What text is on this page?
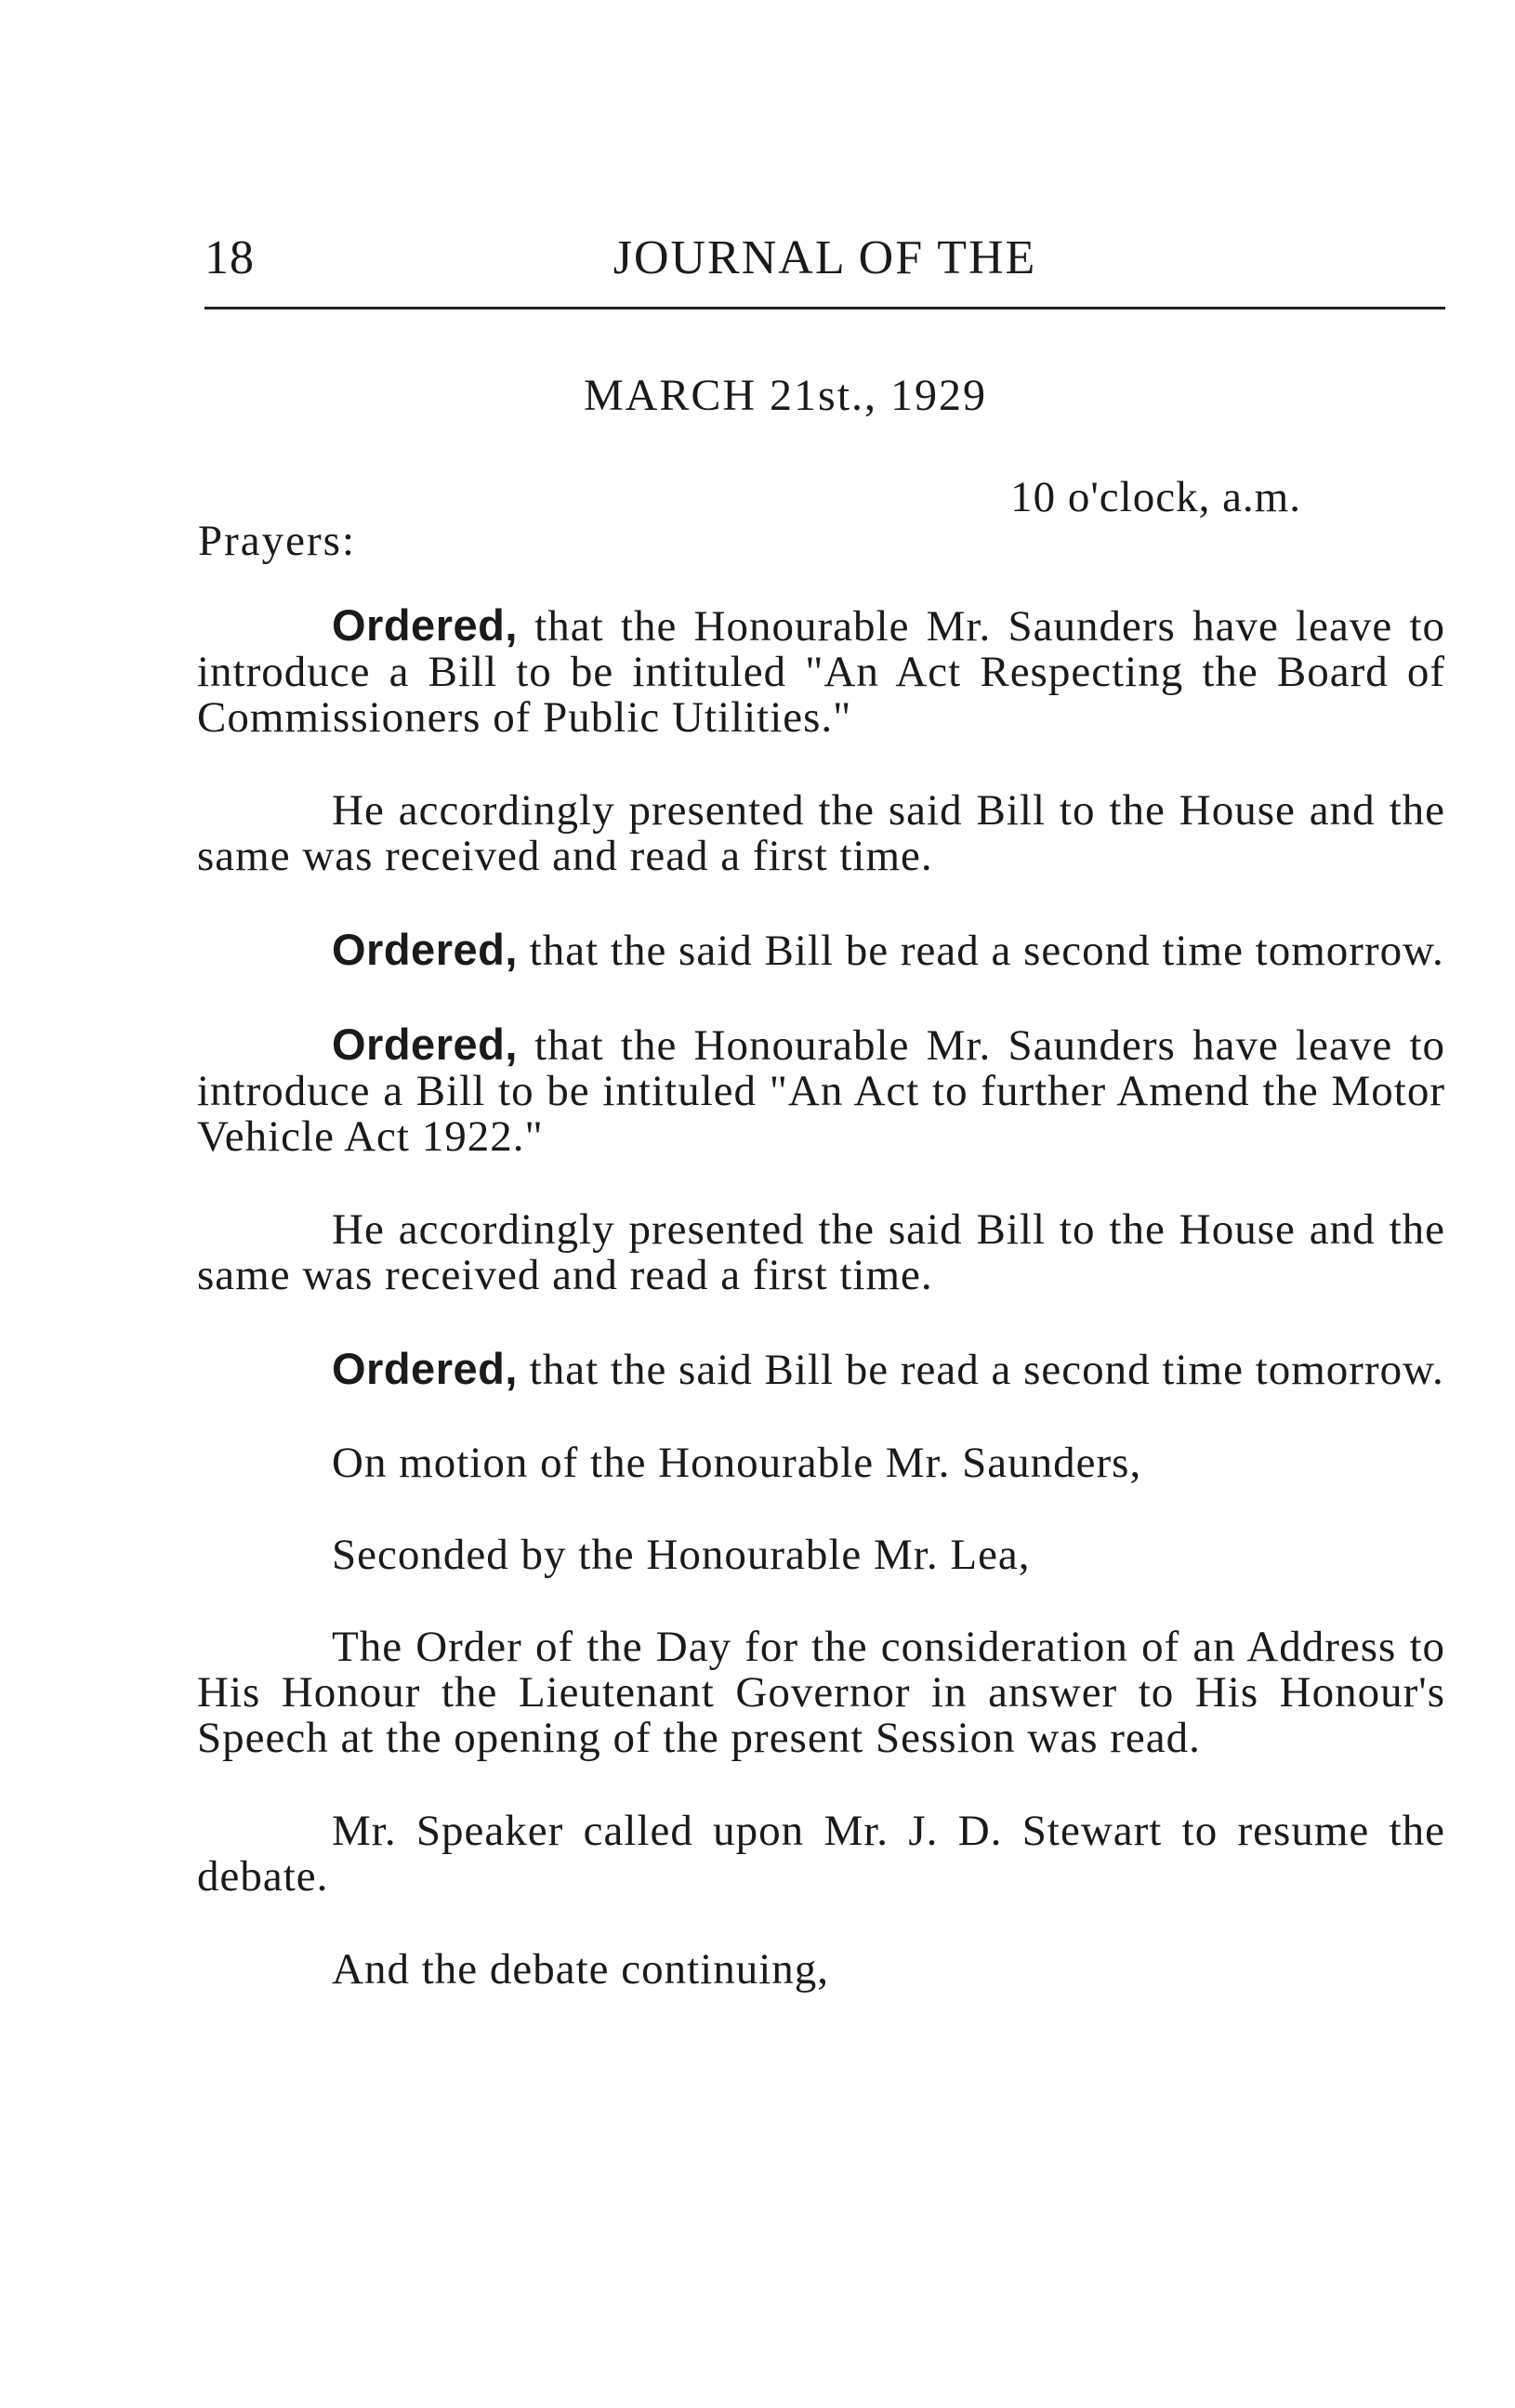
18	JOURNAL OF THE
MARCH 21st., 1929
Prayers:
10 o'clock, a.m.

Ordered, that the Honourable Mr. Saunders have leave to introduce a Bill to be intituled "An Act Respecting the Board of Commissioners of Public Utilities."

He accordingly presented the said Bill to the House and the same was received and read a first time.

Ordered, that the said Bill be read a second time tomorrow.

Ordered, that the Honourable Mr. Saunders have leave to introduce a Bill to be intituled "An Act to further Amend the Motor Vehicle Act 1922."

He accordingly presented the said Bill to the House and the same was received and read a first time.

Ordered, that the said Bill be read a second time tomorrow.

On motion of the Honourable Mr. Saunders,

Seconded by the Honourable Mr. Lea,

The Order of the Day for the consideration of an Address to His Honour the Lieutenant Governor in answer to His Honour's Speech at the opening of the present Session was read.

Mr. Speaker called upon Mr. J. D. Stewart to resume the debate.

And the debate continuing,
